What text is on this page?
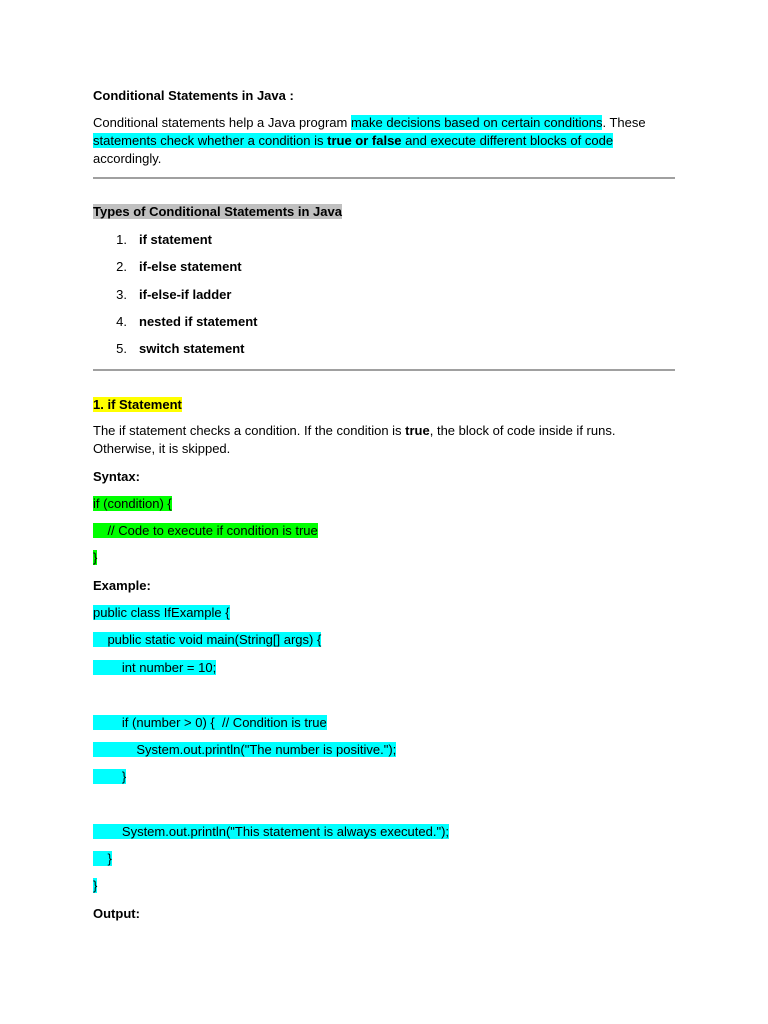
Conditional Statements in Java :

Conditional statements help a Java program make decisions based on certain conditions. These
statements check whether a condition is true or false and execute different blocks of code
accordingly.

Types of Conditional Statements in Java

1. if statement
2. if-else statement
3. if-else-if ladder
4. nested if statement
5. switch statement

1. if Statement

The if statement checks a condition. If the condition is true, the block of code inside if runs.
Otherwise, it is skipped.

Syntax:

if (condition) {

// Code to execute if condition is true

}

Example:

public class IfExample {

public static void main(String[] args) {

int number = 10;

if (number > 0) {  // Condition is true

System.out.println("The number is positive.");

}

System.out.println("This statement is always executed.");

}

}

Output:
